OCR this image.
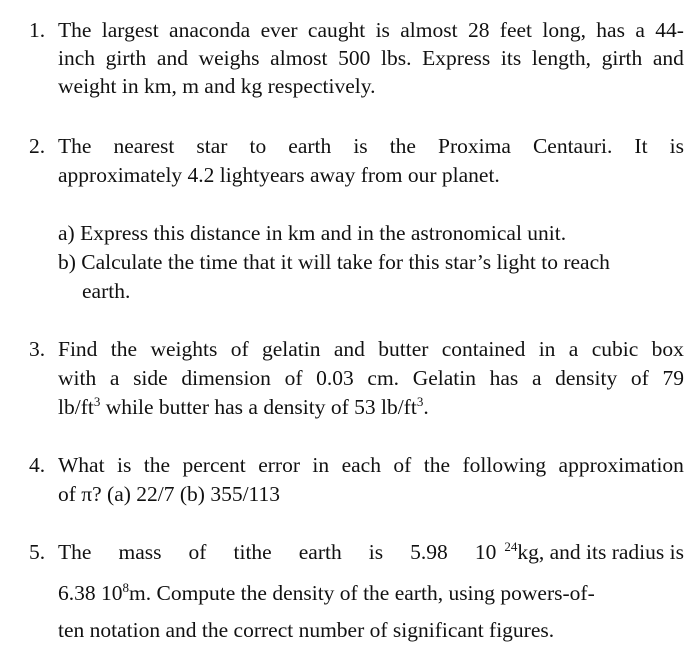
1. The largest anaconda ever caught is almost 28 feet long, has a 44-
inch girth and weighs almost 500 lbs. Express its length, girth and
weight in km, m and kg respectively.
2. The nearest star to earth is the Proxima Centauri. It is
approximately 4.2 lightyears away from our planet.
a) Express this distance in km and in the astronomical unit.
b) Calculate the time that it will take for this star’s light to reach
earth.
3. Find the weights of gelatin and butter contained in a cubic box
with a side dimension of 0.03 cm. Gelatin has a density of 79
$lb/ft^3$ while butter has a density of 53 $lb/ft^3$.
4. What is the percent error in each of the following approximation
of π? (a) 22/7 (b) 355/113
5. The mass of tithe earth is 5.98 10 $^{24}$kg, and its radius is
6.38 $10^8m$. Compute the density of the earth, using powers-of-
ten notation and the correct number of significant figures.
